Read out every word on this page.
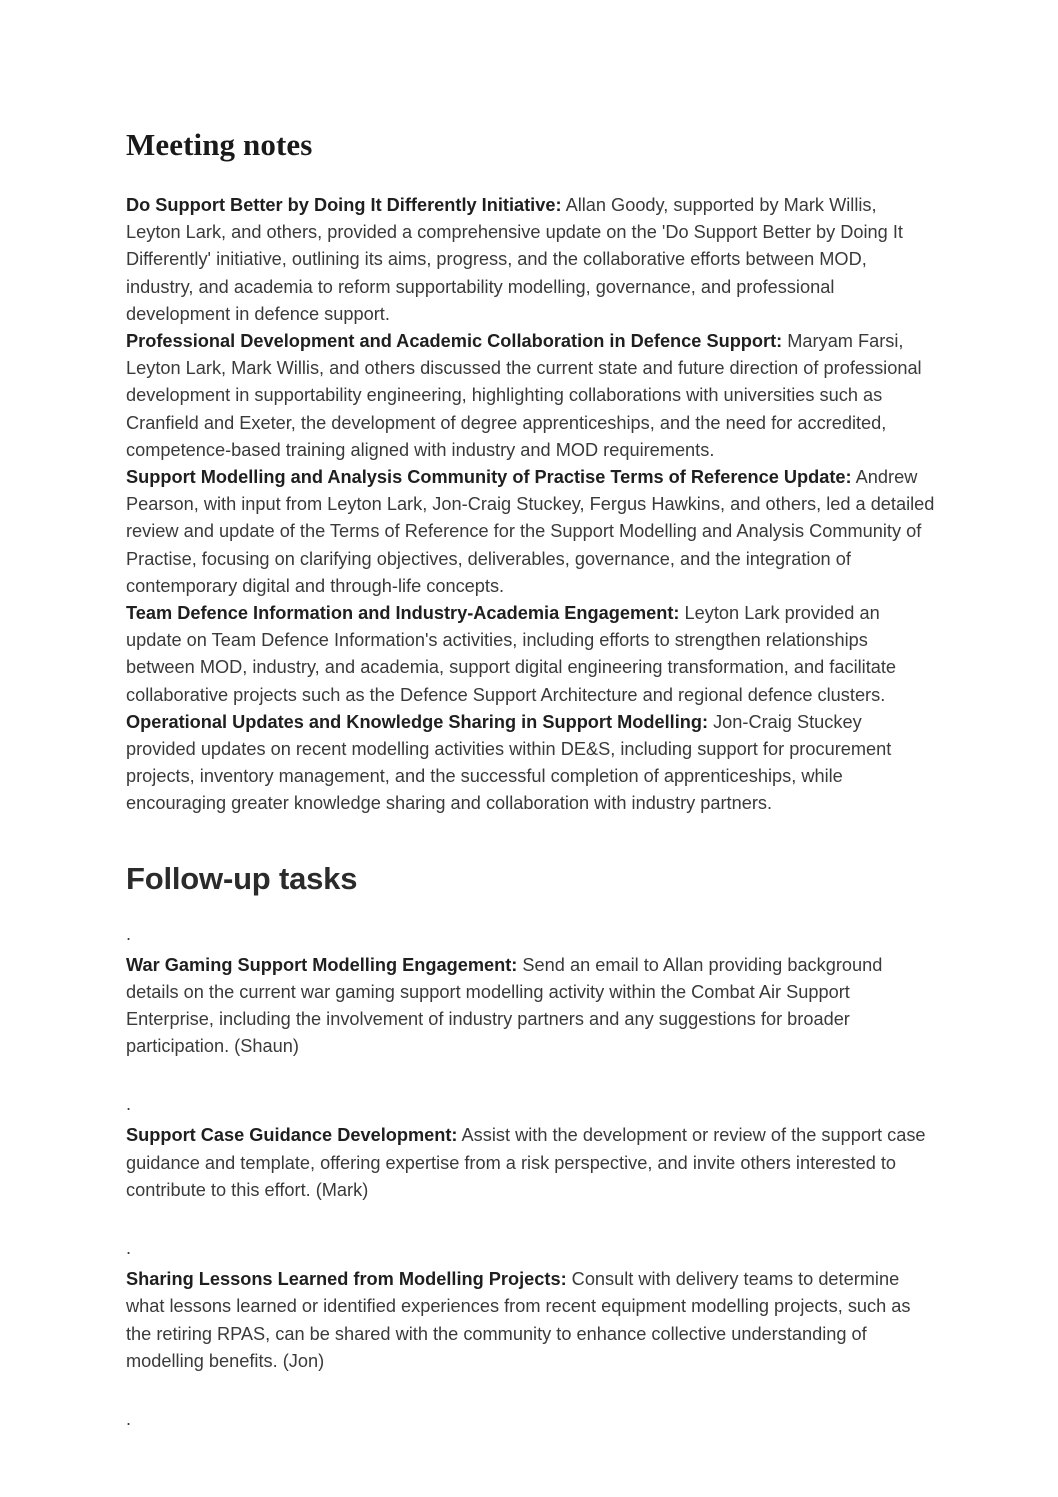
Meeting notes

Do Support Better by Doing It Differently Initiative: Allan Goody, supported by Mark Willis, Leyton Lark, and others, provided a comprehensive update on the 'Do Support Better by Doing It Differently' initiative, outlining its aims, progress, and the collaborative efforts between MOD, industry, and academia to reform supportability modelling, governance, and professional development in defence support.

Professional Development and Academic Collaboration in Defence Support: Maryam Farsi, Leyton Lark, Mark Willis, and others discussed the current state and future direction of professional development in supportability engineering, highlighting collaborations with universities such as Cranfield and Exeter, the development of degree apprenticeships, and the need for accredited, competence-based training aligned with industry and MOD requirements.

Support Modelling and Analysis Community of Practise Terms of Reference Update: Andrew Pearson, with input from Leyton Lark, Jon-Craig Stuckey, Fergus Hawkins, and others, led a detailed review and update of the Terms of Reference for the Support Modelling and Analysis Community of Practise, focusing on clarifying objectives, deliverables, governance, and the integration of contemporary digital and through-life concepts.

Team Defence Information and Industry-Academia Engagement: Leyton Lark provided an update on Team Defence Information's activities, including efforts to strengthen relationships between MOD, industry, and academia, support digital engineering transformation, and facilitate collaborative projects such as the Defence Support Architecture and regional defence clusters.

Operational Updates and Knowledge Sharing in Support Modelling: Jon-Craig Stuckey provided updates on recent modelling activities within DE&S, including support for procurement projects, inventory management, and the successful completion of apprenticeships, while encouraging greater knowledge sharing and collaboration with industry partners.

Follow-up tasks
.
War Gaming Support Modelling Engagement: Send an email to Allan providing background details on the current war gaming support modelling activity within the Combat Air Support Enterprise, including the involvement of industry partners and any suggestions for broader participation. (Shaun)
.
Support Case Guidance Development: Assist with the development or review of the support case guidance and template, offering expertise from a risk perspective, and invite others interested to contribute to this effort. (Mark)
.
Sharing Lessons Learned from Modelling Projects: Consult with delivery teams to determine what lessons learned or identified experiences from recent equipment modelling projects, such as the retiring RPAS, can be shared with the community to enhance collective understanding of modelling benefits. (Jon)
.
